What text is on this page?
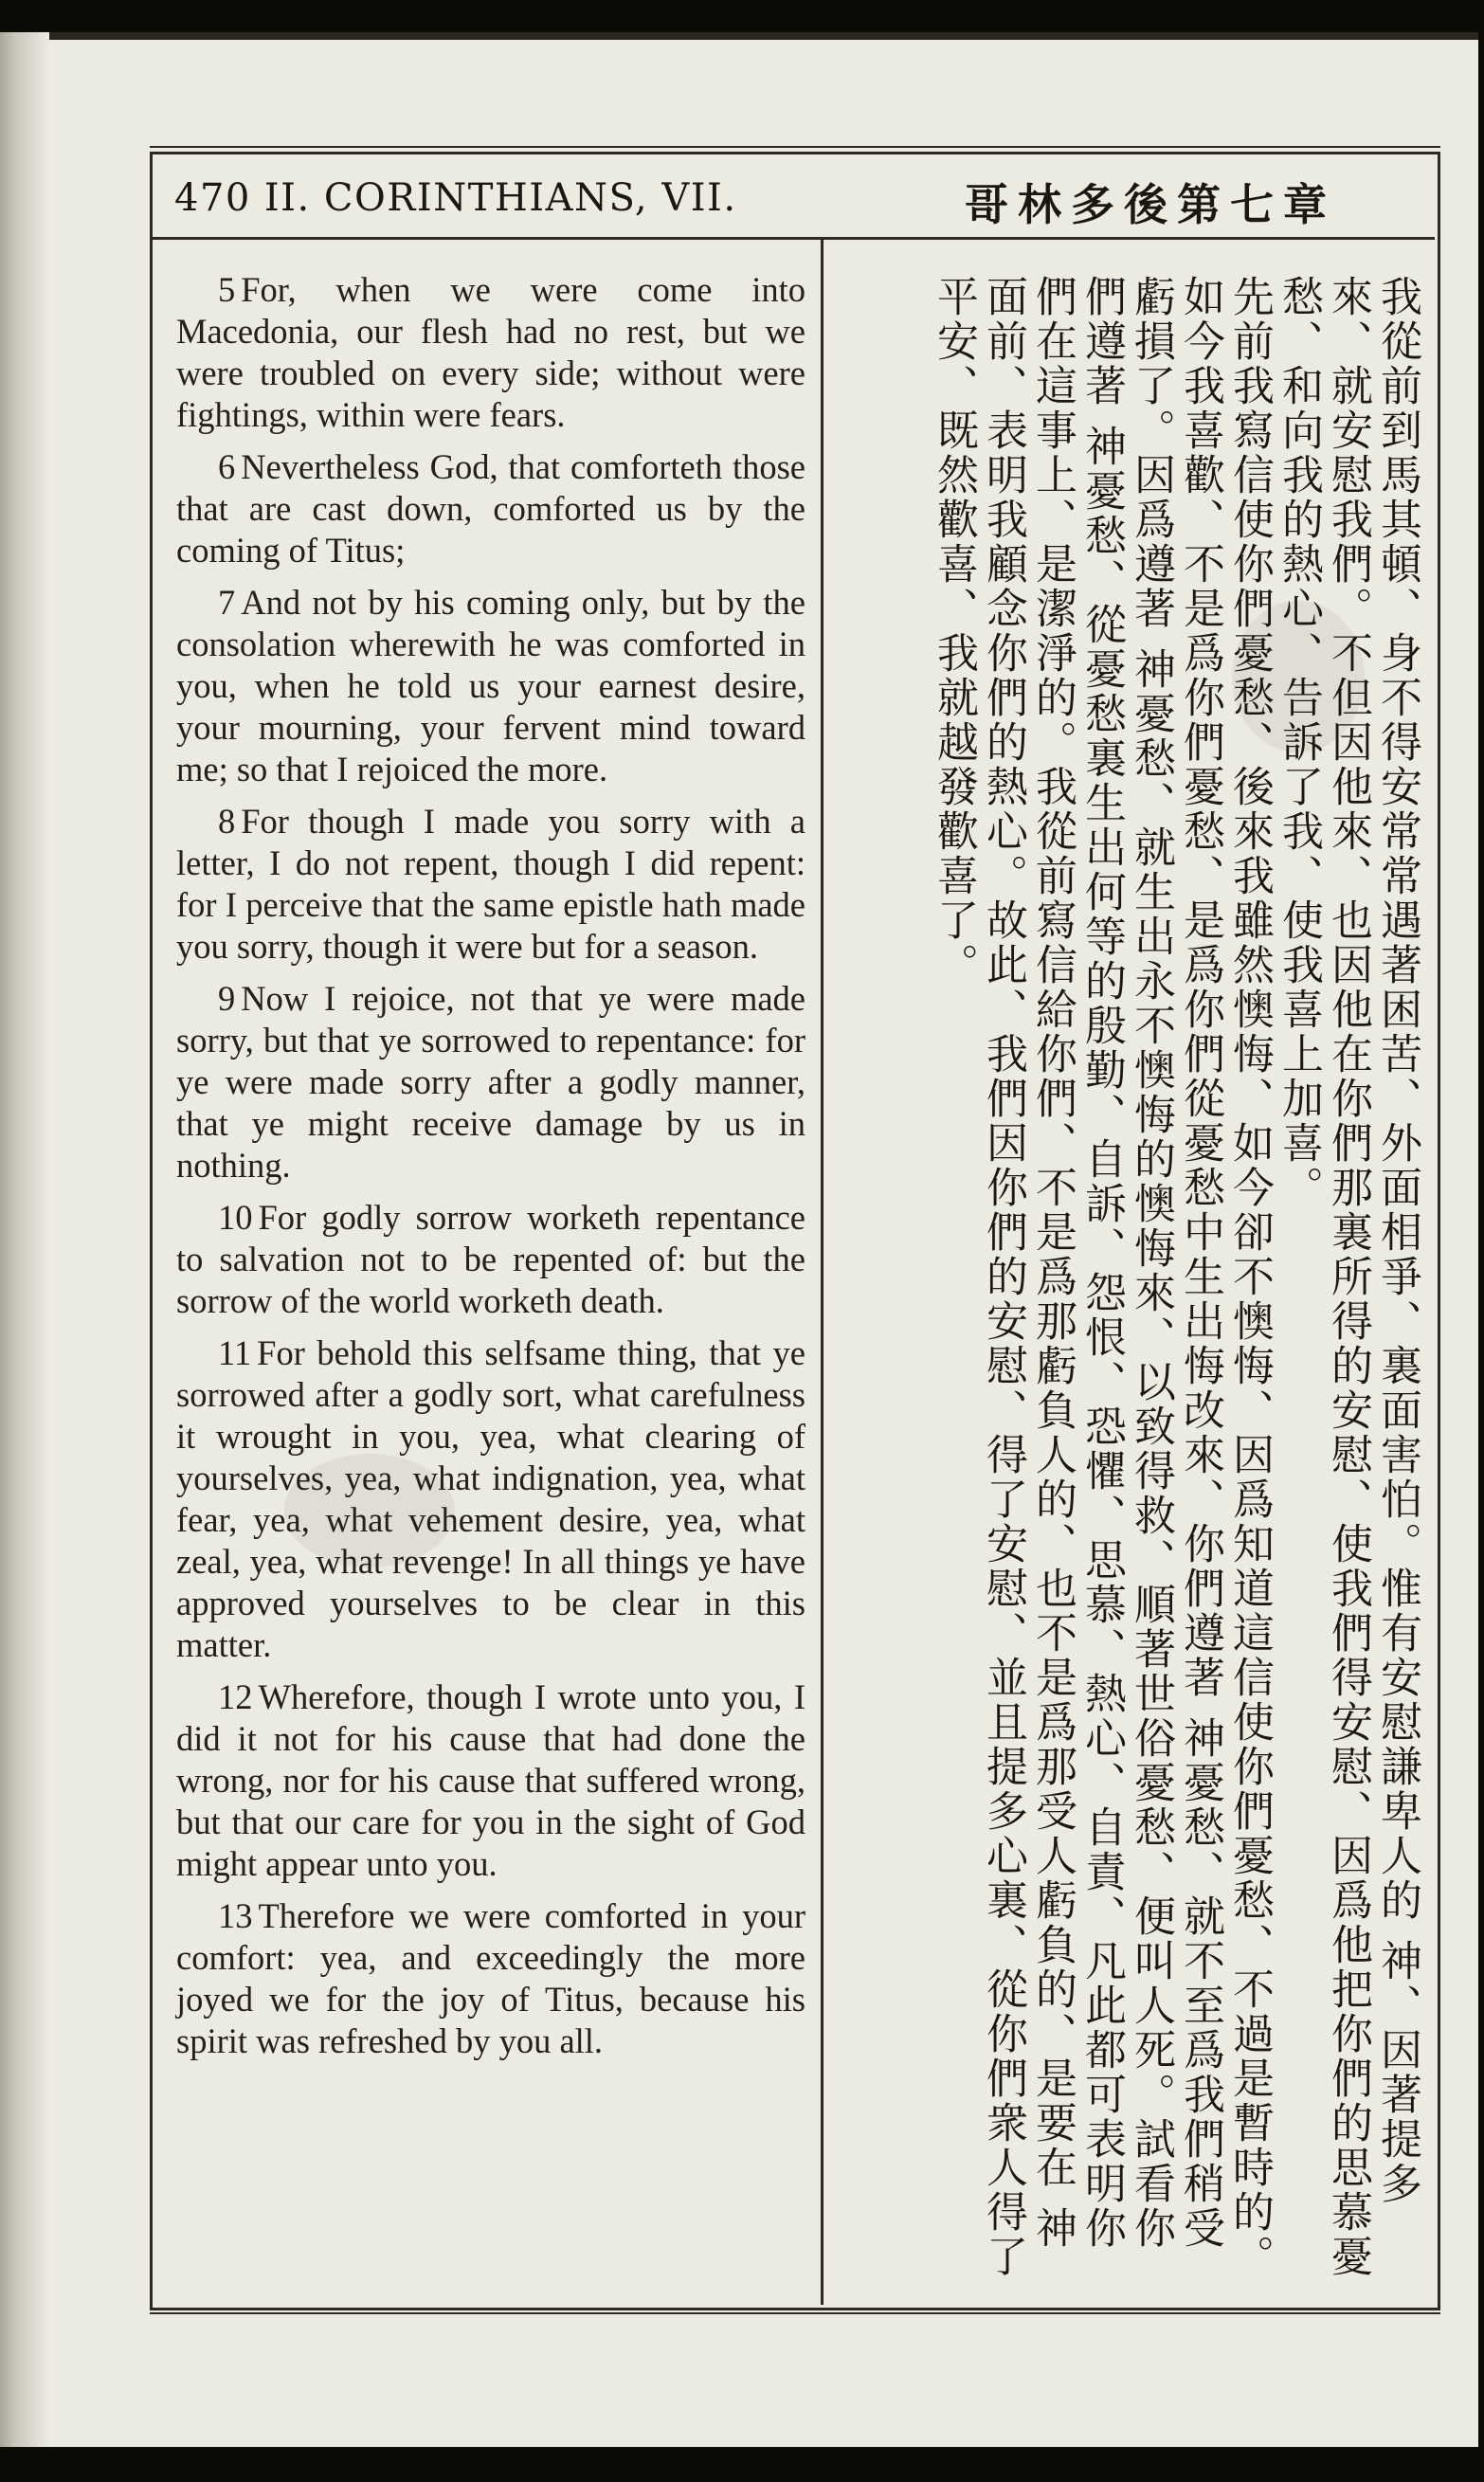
470 II. CORINTHIANS, VII.	哥林多後第七章

5 For, when we were come into Macedonia, our flesh had no rest, but we were troubled on every side; without were fightings, within were fears.

6 Nevertheless God, that comforteth those that are cast down, comforted us by the coming of Titus;

7 And not by his coming only, but by the consolation wherewith he was comforted in you, when he told us your earnest desire, your mourning, your fervent mind toward me; so that I rejoiced the more.

8 For though I made you sorry with a letter, I do not repent, though I did repent: for I perceive that the same epistle hath made you sorry, though it were but for a season.

9 Now I rejoice, not that ye were made sorry, but that ye sorrowed to repentance: for ye were made sorry after a godly manner, that ye might receive damage by us in nothing.

10 For godly sorrow worketh repentance to salvation not to be repented of: but the sorrow of the world worketh death.

11 For behold this selfsame thing, that ye sorrowed after a godly sort, what carefulness it wrought in you, yea, what clearing of yourselves, yea, what indignation, yea, what fear, yea, what vehement desire, yea, what zeal, yea, what revenge! In all things ye have approved yourselves to be clear in this matter.

12 Wherefore, though I wrote unto you, I did it not for his cause that had done the wrong, nor for his cause that suffered wrong, but that our care for you in the sight of God might appear unto you.

13 Therefore we were comforted in your comfort: yea, and exceedingly the more joyed we for the joy of Titus, because his spirit was refreshed by you all.	我從前到馬其頓、身不得安常常遇著困苦、外面相爭、裏面害怕。惟有安慰謙卑人的 神、因著提多來、就安慰我們。不但因他來、也因他在你們那裏所得的安慰、使我們得安慰、因爲他把你們的思慕憂愁、和向我的熱心、告訴了我、使我喜上加喜。
先前我寫信使你們憂愁、後來我雖然懊悔、如今卻不懊悔、因爲知道這信使你們憂愁、不過是暫時的。如今我喜歡、不是爲你們憂愁、是爲你們從憂愁中生出悔改來、你們遵著 神憂愁、就不至爲我們稍受虧損了。因爲遵著 神憂愁、就生出永不懊悔的懊悔來、以致得救、順著世俗憂愁、便叫人死。試看你們遵著 神憂愁、從憂愁裏生出何等的殷勤、自訴、怨恨、恐懼、思慕、熱心、自責、凡此都可表明你們在這事上、是潔淨的。我從前寫信給你們、不是爲那虧負人的、也不是爲那受人虧負的、是要在 神面前、表明我顧念你們的熱心。故此、我們因你們的安慰、得了安慰、並且提多心裏、從你們衆人得了平安、既然歡喜、我就越發歡喜了。
